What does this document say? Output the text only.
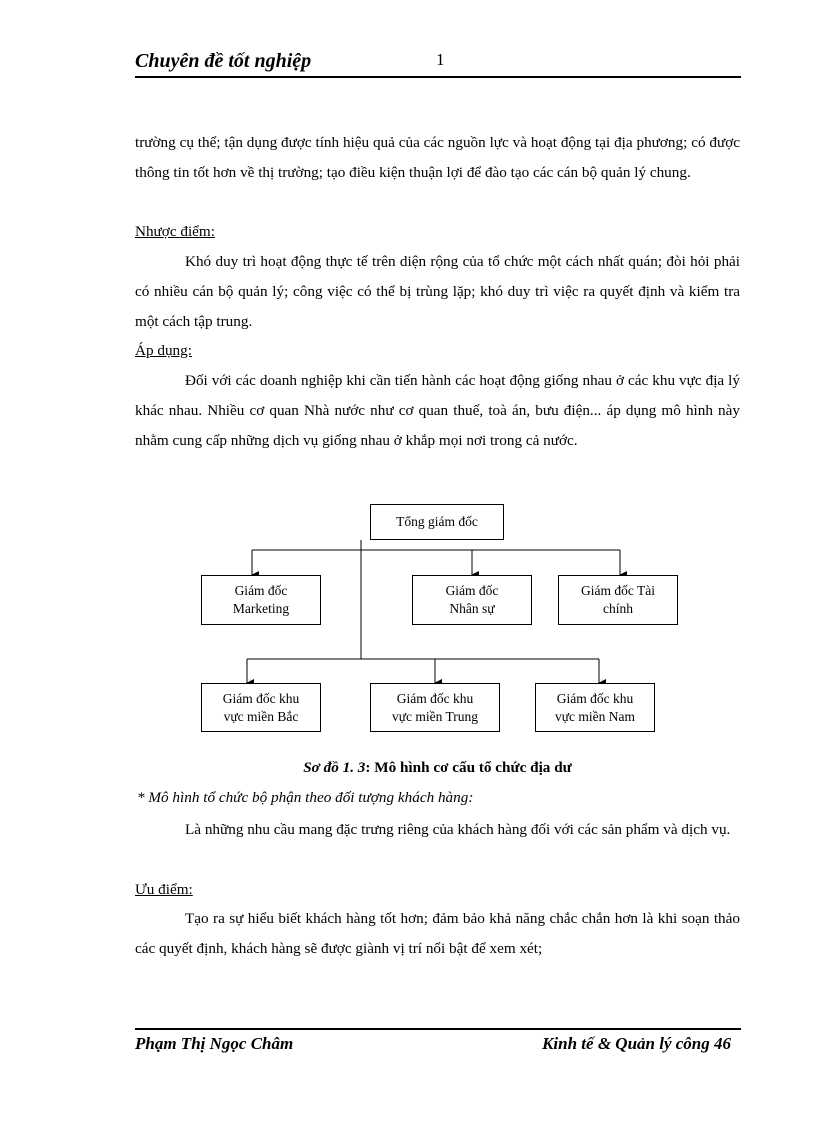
Chuyên đề tốt nghiệp	1

trường cụ thể; tận dụng được tính hiệu quả của các nguồn lực và hoạt động tại địa phương; có được thông tin tốt hơn về thị trường; tạo điều kiện thuận lợi để đào tạo các cán bộ quản lý chung.

Nhược điểm:

Khó duy trì hoạt động thực tế trên diện rộng của tổ chức một cách nhất quán; đòi hỏi phải có nhiều cán bộ quản lý; công việc có thể bị trùng lặp; khó duy trì việc ra quyết định và kiểm tra một cách tập trung.

Áp dụng:

Đối với các doanh nghiệp khi cần tiến hành các hoạt động giống nhau ở các khu vực địa lý khác nhau. Nhiều cơ quan Nhà nước như cơ quan thuế, toà án, bưu điện... áp dụng mô hình này nhằm cung cấp những dịch vụ giống nhau ở khắp mọi nơi trong cả nước.

Tổng giám đốc
Giám đốc
Marketing
Giám đốc
Nhân sự
Giám đốc Tài
chính
Giám đốc khu
vực miền Bắc
Giám đốc khu
vực miền Trung
Giám đốc khu
vực miền Nam
Sơ đồ 1. 3: Mô hình cơ cấu tổ chức địa dư
* Mô hình tổ chức bộ phận theo đối tượng khách hàng:

Là những nhu cầu mang đặc trưng riêng của khách hàng đối với các sản phẩm và dịch vụ.

Ưu điểm:

Tạo ra sự hiểu biết khách hàng tốt hơn; đảm bảo khả năng chắc chắn hơn là khi soạn thảo các quyết định, khách hàng sẽ được giành vị trí nổi bật để xem xét;

Phạm Thị Ngọc Châm	Kinh tế & Quản lý công 46
